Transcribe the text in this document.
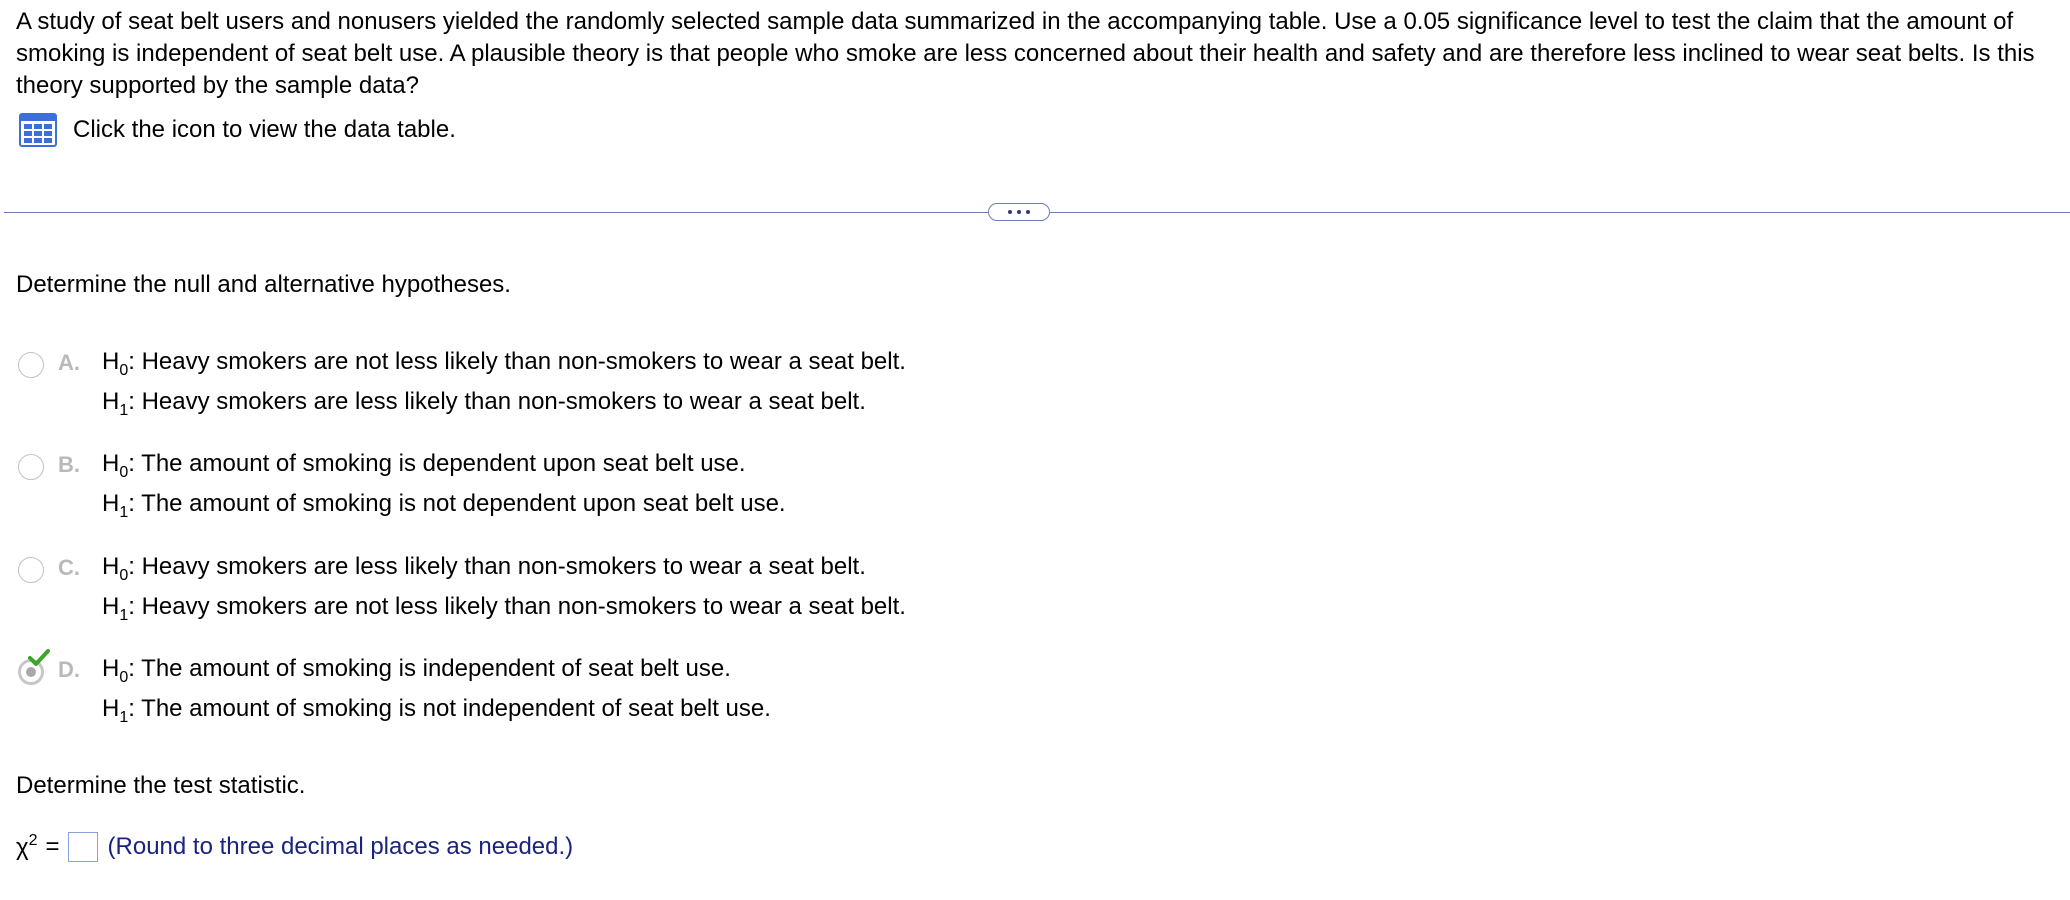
A study of seat belt users and nonusers yielded the randomly selected sample data summarized in the accompanying table. Use a 0.05 significance level to test the claim that the amount of smoking is independent of seat belt use. A plausible theory is that people who smoke are less concerned about their health and safety and are therefore less inclined to wear seat belts. Is this theory supported by the sample data?
Click the icon to view the data table.
Determine the null and alternative hypotheses.
A. $H_0$: Heavy smokers are not less likely than non-smokers to wear a seat belt.
$H_1$: Heavy smokers are less likely than non-smokers to wear a seat belt.
B. $H_0$: The amount of smoking is dependent upon seat belt use.
$H_1$: The amount of smoking is not dependent upon seat belt use.
C. $H_0$: Heavy smokers are less likely than non-smokers to wear a seat belt.
$H_1$: Heavy smokers are not less likely than non-smokers to wear a seat belt.
D. $H_0$: The amount of smoking is independent of seat belt use.
$H_1$: The amount of smoking is not independent of seat belt use.
Determine the test statistic.
$\chi^2$ = (Round to three decimal places as needed.)
